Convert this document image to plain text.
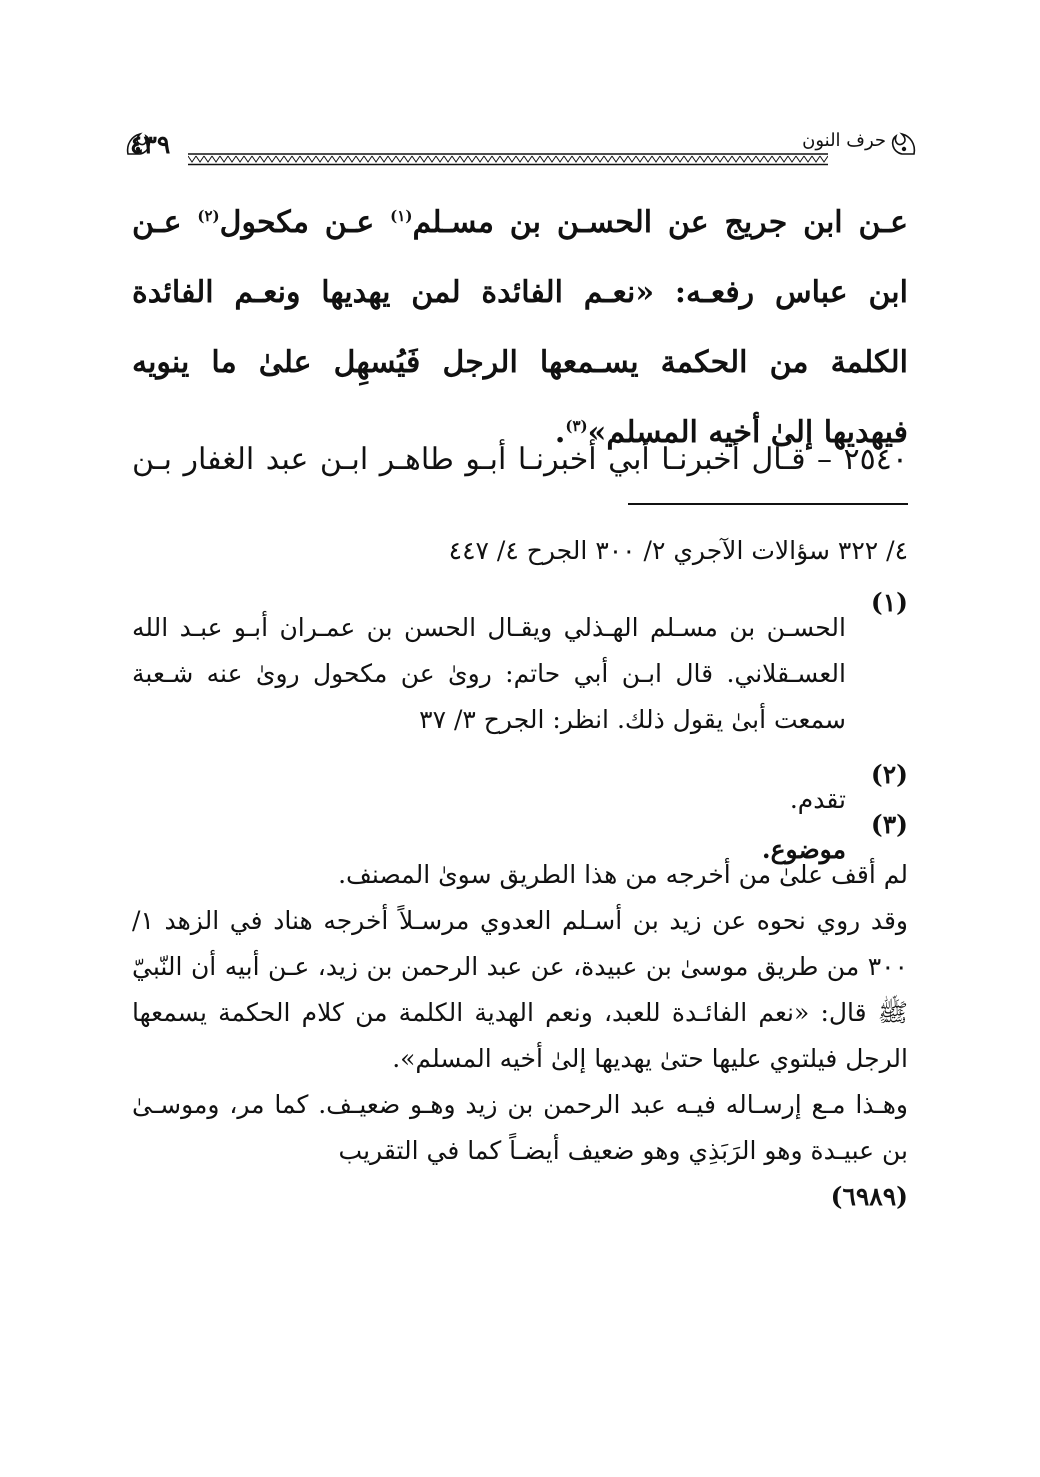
٤٣٩	حرف النون

عـن ابن جريج عن الحسـن بن مسـلم$^{(١)}$ عـن مكحول$^{(٢)}$ عـن ابن عباس رفعـه: «نعـم الفائدة لمن يهديها ونعـم الفائدة الكلمة من الحكمة يسـمعها الرجل فَيُسهِل علىٰ ما ينويه فيهديها إلىٰ أخيه المسلم»$^{(٣)}$.

٢٥٤٠ – قـال أخبرنـا أبي أخبرنـا أبـو طاهـر ابـن عبد الغفار بـن

٤/ ٣٢٢ سؤالات الآجري ٢/ ٣٠٠ الجرح ٤/ ٤٤٧

(١)

الحسـن بن مسـلم الهـذلي ويقـال الحسن بن عمـران أبـو عبـد الله العسـقلاني. قال ابـن أبي حاتم: روىٰ عن مكحول روىٰ عنه شـعبة سمعت أبىٰ يقول ذلك. انظر: الجرح ٣/ ٣٧

(٢)

تقدم.

(٣)

موضوع.

لم أقف علىٰ من أخرجه من هذا الطريق سوىٰ المصنف.

وقد روي نحوه عن زيد بن أسـلم العدوي مرسـلاً أخرجه هناد في الزهد ١/ ٣٠٠ من طريق موسىٰ بن عبيدة، عن عبد الرحمن بن زيد، عـن أبيه أن النّبيّ ﷺ قال: «نعم الفائـدة للعبد، ونعم الهدية الكلمة من كلام الحكمة يسمعها الرجل فيلتوي عليها حتىٰ يهديها إلىٰ أخيه المسلم».

وهـذا مـع إرسـاله فيـه عبد الرحمن بن زيد وهـو ضعيـف. كما مر، وموسـىٰ بن عبيـدة وهو الرَبَذِي وهو ضعيف أيضـاً كما في التقريب

(٦٩٨٩)
